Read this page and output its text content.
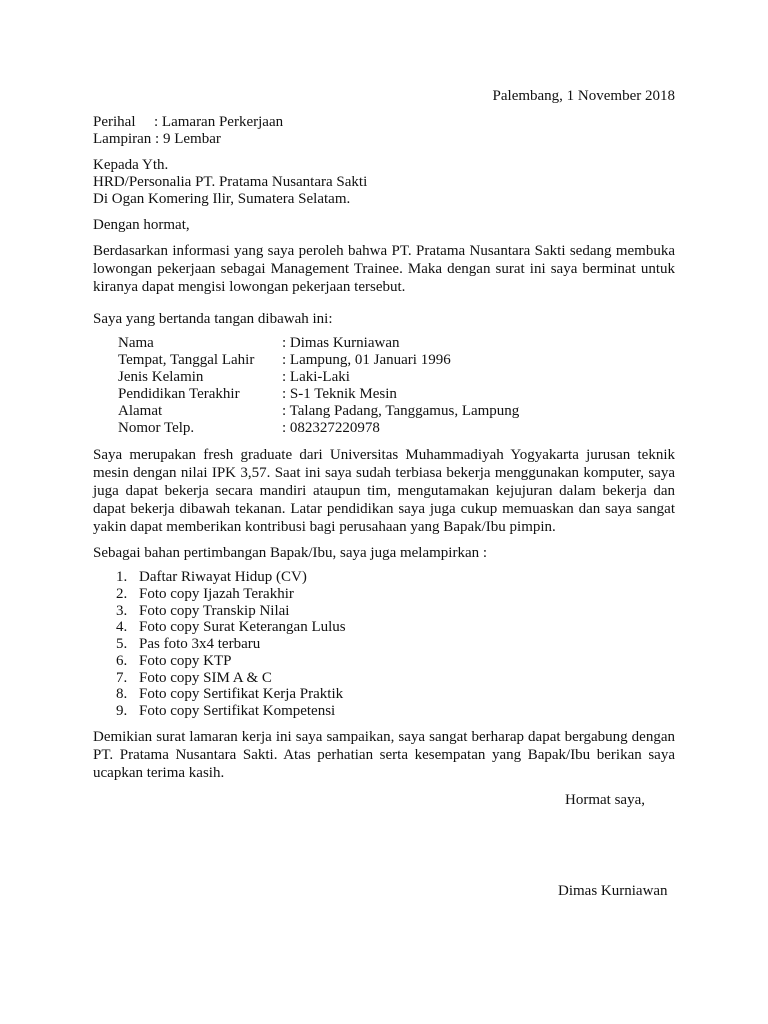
Palembang, 1 November 2018
Perihal : Lamaran Perkerjaan
Lampiran : 9 Lembar
Kepada Yth.
HRD/Personalia PT. Pratama Nusantara Sakti
Di Ogan Komering Ilir, Sumatera Selatam.
Dengan hormat,

Berdasarkan informasi yang saya peroleh bahwa PT. Pratama Nusantara Sakti sedang membuka lowongan pekerjaan sebagai Management Trainee. Maka dengan surat ini saya berminat untuk kiranya dapat mengisi lowongan pekerjaan tersebut.

Saya yang bertanda tangan dibawah ini:
Nama	: Dimas Kurniawan
Tempat, Tanggal Lahir	: Lampung, 01 Januari 1996
Jenis Kelamin	: Laki-Laki
Pendidikan Terakhir	: S-1 Teknik Mesin
Alamat	: Talang Padang, Tanggamus, Lampung
Nomor Telp.	: 082327220978

Saya merupakan fresh graduate dari Universitas Muhammadiyah Yogyakarta jurusan teknik mesin dengan nilai IPK 3,57. Saat ini saya sudah terbiasa bekerja menggunakan komputer, saya juga dapat bekerja secara mandiri ataupun tim, mengutamakan kejujuran dalam bekerja dan dapat bekerja dibawah tekanan. Latar pendidikan saya juga cukup memuaskan dan saya sangat yakin dapat memberikan kontribusi bagi perusahaan yang Bapak/Ibu pimpin.

Sebagai bahan pertimbangan Bapak/Ibu, saya juga melampirkan :
1. Daftar Riwayat Hidup (CV)
2. Foto copy Ijazah Terakhir
3. Foto copy Transkip Nilai
4. Foto copy Surat Keterangan Lulus
5. Pas foto 3x4 terbaru
6. Foto copy KTP
7. Foto copy SIM A & C
8. Foto copy Sertifikat Kerja Praktik
9. Foto copy Sertifikat Kompetensi

Demikian surat lamaran kerja ini saya sampaikan, saya sangat berharap dapat bergabung dengan PT. Pratama Nusantara Sakti. Atas perhatian serta kesempatan yang Bapak/Ibu berikan saya ucapkan terima kasih.

Hormat saya,
Dimas Kurniawan
